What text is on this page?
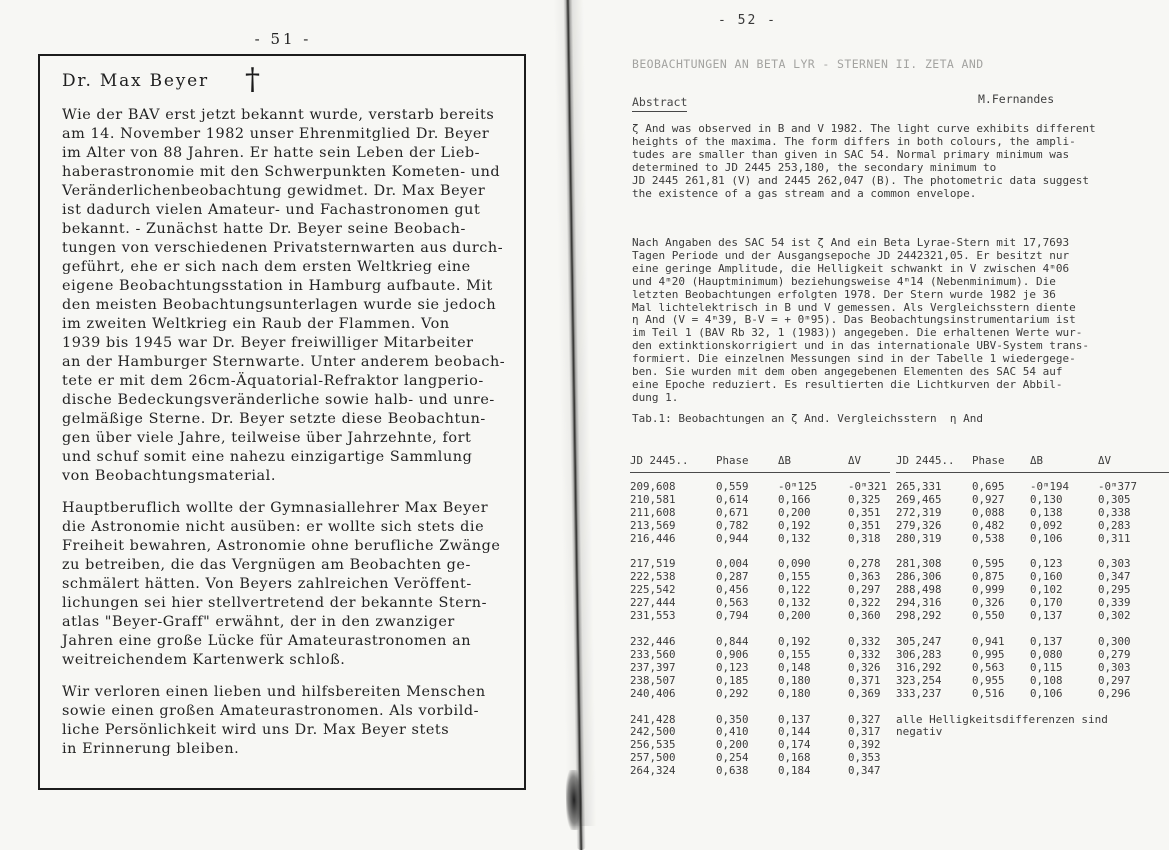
- 51 -
Dr. Max Beyer †
Wie der BAV erst jetzt bekannt wurde, verstarb bereits
am 14. November 1982 unser Ehrenmitglied Dr. Beyer
im Alter von 88 Jahren. Er hatte sein Leben der Lieb-
haberastronomie mit den Schwerpunkten Kometen- und
Veränderlichenbeobachtung gewidmet. Dr. Max Beyer
ist dadurch vielen Amateur- und Fachastronomen gut
bekannt. - Zunächst hatte Dr. Beyer seine Beobach-
tungen von verschiedenen Privatsternwarten aus durch-
geführt, ehe er sich nach dem ersten Weltkrieg eine
eigene Beobachtungsstation in Hamburg aufbaute. Mit
den meisten Beobachtungsunterlagen wurde sie jedoch
im zweiten Weltkrieg ein Raub der Flammen. Von
1939 bis 1945 war Dr. Beyer freiwilliger Mitarbeiter
an der Hamburger Sternwarte. Unter anderem beobach-
tete er mit dem 26cm-Äquatorial-Refraktor langperio-
dische Bedeckungsveränderliche sowie halb- und unre-
gelmäßige Sterne. Dr. Beyer setzte diese Beobachtun-
gen über viele Jahre, teilweise über Jahrzehnte, fort
und schuf somit eine nahezu einzigartige Sammlung
von Beobachtungsmaterial.
Hauptberuflich wollte der Gymnasiallehrer Max Beyer
die Astronomie nicht ausüben: er wollte sich stets die
Freiheit bewahren, Astronomie ohne berufliche Zwänge
zu betreiben, die das Vergnügen am Beobachten ge-
schmälert hätten. Von Beyers zahlreichen Veröffent-
lichungen sei hier stellvertretend der bekannte Stern-
atlas "Beyer-Graff" erwähnt, der in den zwanziger
Jahren eine große Lücke für Amateurastronomen an
weitreichendem Kartenwerk schloß.
Wir verloren einen lieben und hilfsbereiten Menschen
sowie einen großen Amateurastronomen. Als vorbild-
liche Persönlichkeit wird uns Dr. Max Beyer stets
in Erinnerung bleiben.
- 52 -
BEOBACHTUNGEN AN BETA LYR - STERNEN II. ZETA AND
Abstract	M.Fernandes
ζ And was observed in B and V 1982. The light curve exhibits different
heights of the maxima. The form differs in both colours, the ampli-
tudes are smaller than given in SAC 54. Normal primary minimum was
determined to JD 2445 253,180, the secondary minimum to
JD 2445 261,81 (V) and 2445 262,047 (B). The photometric data suggest
the existence of a gas stream and a common envelope.
Nach Angaben des SAC 54 ist ζ And ein Beta Lyrae-Stern mit 17,7693
Tagen Periode und der Ausgangsepoche JD 2442321,05. Er besitzt nur
eine geringe Amplitude, die Helligkeit schwankt in V zwischen 4ᵐ06
und 4ᵐ20 (Hauptminimum) beziehungsweise 4ᵐ14 (Nebenminimum). Die
letzten Beobachtungen erfolgten 1978. Der Stern wurde 1982 je 36
Mal lichtelektrisch in B und V gemessen. Als Vergleichsstern diente
η And (V = 4ᵐ39, B-V = + 0ᵐ95). Das Beobachtungsinstrumentarium ist
im Teil 1 (BAV Rb 32, 1 (1983)) angegeben. Die erhaltenen Werte wur-
den extinktionskorrigiert und in das internationale UBV-System trans-
formiert. Die einzelnen Messungen sind in der Tabelle 1 wiedergege-
ben. Sie wurden mit dem oben angegebenen Elementen des SAC 54 auf
eine Epoche reduziert. Es resultierten die Lichtkurven der Abbil-
dung 1.
Tab.1: Beobachtungen an ζ And. Vergleichsstern  η And
JD 2445..	Phase	ΔB	ΔV
209,608	0,559	-0ᵐ125	-0ᵐ321
210,581	0,614	0,166	0,325
211,608	0,671	0,200	0,351
213,569	0,782	0,192	0,351
216,446	0,944	0,132	0,318
217,519	0,004	0,090	0,278
222,538	0,287	0,155	0,363
225,542	0,456	0,122	0,297
227,444	0,563	0,132	0,322
231,553	0,794	0,200	0,360
232,446	0,844	0,192	0,332
233,560	0,906	0,155	0,332
237,397	0,123	0,148	0,326
238,507	0,185	0,180	0,371
240,406	0,292	0,180	0,369
241,428	0,350	0,137	0,327
242,500	0,410	0,144	0,317
256,535	0,200	0,174	0,392
257,500	0,254	0,168	0,353
264,324	0,638	0,184	0,347
JD 2445..	Phase	ΔB	ΔV
265,331	0,695	-0ᵐ194	-0ᵐ377
269,465	0,927	0,130	0,305
272,319	0,088	0,138	0,338
279,326	0,482	0,092	0,283
280,319	0,538	0,106	0,311
281,308	0,595	0,123	0,303
286,306	0,875	0,160	0,347
288,498	0,999	0,102	0,295
294,316	0,326	0,170	0,339
298,292	0,550	0,137	0,302
305,247	0,941	0,137	0,300
306,283	0,995	0,080	0,279
316,292	0,563	0,115	0,303
323,254	0,955	0,108	0,297
333,237	0,516	0,106	0,296
alle Helligkeitsdifferenzen sind
negativ
